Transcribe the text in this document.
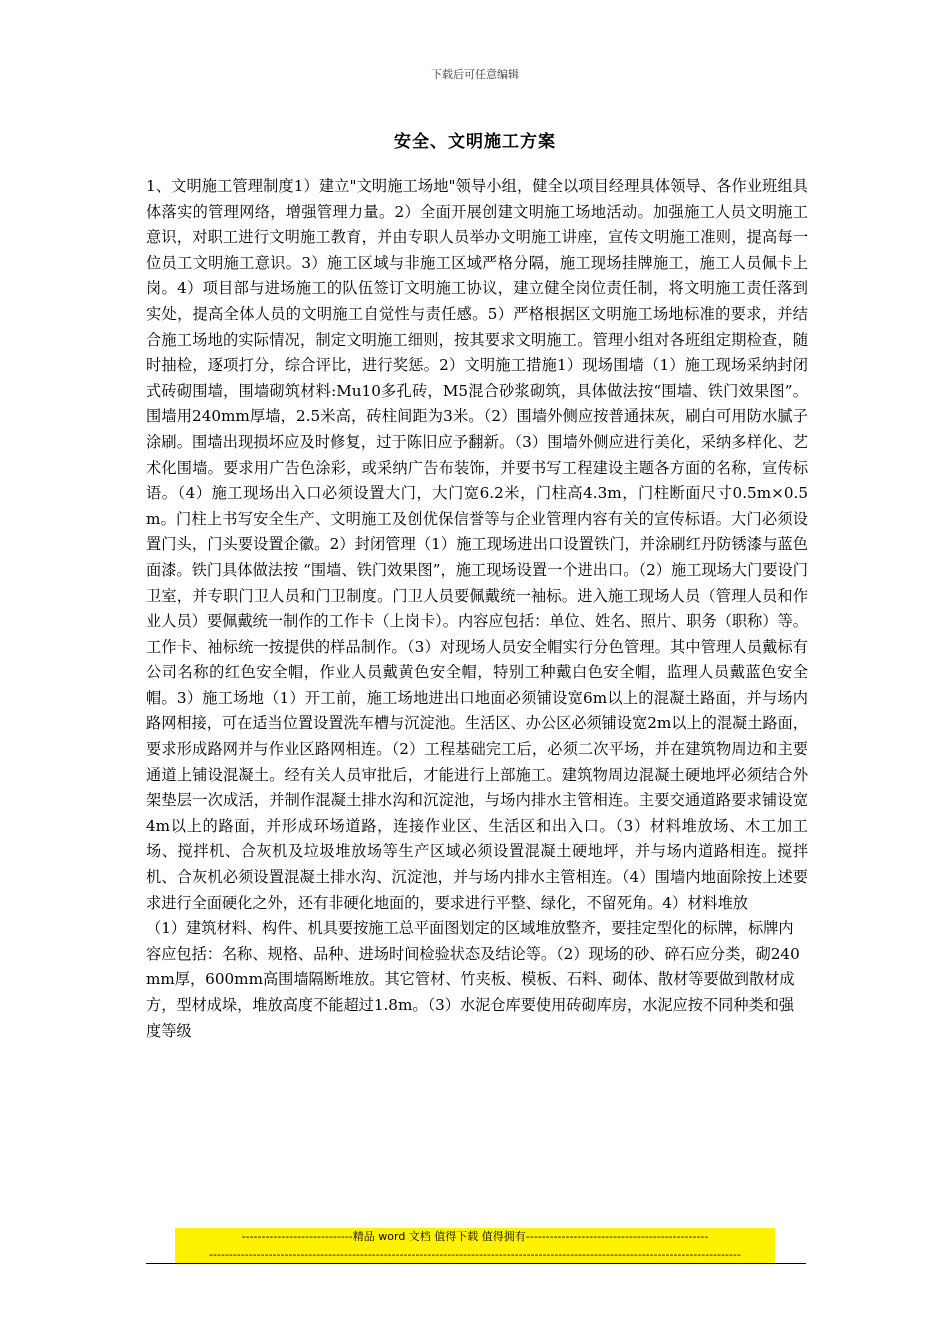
下载后可任意编辑
安全、文明施工方案

1、文明施工管理制度1）建立"文明施工场地"领导小组，健全以项目经理具体领导、各作业班组具体落实的管理网络，增强管理力量。2）全面开展创建文明施工场地活动。加强施工人员文明施工意识，对职工进行文明施工教育，并由专职人员举办文明施工讲座，宣传文明施工准则，提高每一位员工文明施工意识。3）施工区域与非施工区域严格分隔，施工现场挂牌施工，施工人员佩卡上岗。4）项目部与进场施工的队伍签订文明施工协议，建立健全岗位责任制，将文明施工责任落到实处，提高全体人员的文明施工自觉性与责任感。5）严格根据区文明施工场地标准的要求，并结合施工场地的实际情况，制定文明施工细则，按其要求文明施工。管理小组对各班组定期检查，随时抽检，逐项打分，综合评比，进行奖惩。2）文明施工措施1）现场围墙（1）施工现场采纳封闭式砖砌围墙，围墙砌筑材料:Mu10多孔砖，M5混合砂浆砌筑，具体做法按“围墙、铁门效果图”。围墙用240mm厚墙，2.5米高，砖柱间距为3米。（2）围墙外侧应按普通抹灰，刷白可用防水腻子涂刷。围墙出现损坏应及时修复，过于陈旧应予翻新。（3）围墙外侧应进行美化，采纳多样化、艺术化围墙。要求用广告色涂彩，或采纳广告布装饰，并要书写工程建设主题各方面的名称，宣传标语。（4）施工现场出入口必须设置大门，大门宽6.2米，门柱高4.3m，门柱断面尺寸0.5m×0.5m。门柱上书写安全生产、文明施工及创优保信誉等与企业管理内容有关的宣传标语。大门必须设置门头，门头要设置企徽。2）封闭管理（1）施工现场进出口设置铁门，并涂刷红丹防锈漆与蓝色面漆。铁门具体做法按 “围墙、铁门效果图”，施工现场设置一个进出口。（2）施工现场大门要设门卫室，并专职门卫人员和门卫制度。门卫人员要佩戴统一袖标。进入施工现场人员（管理人员和作业人员）要佩戴统一制作的工作卡（上岗卡）。内容应包括：单位、姓名、照片、职务（职称）等。工作卡、袖标统一按提供的样品制作。（3）对现场人员安全帽实行分色管理。其中管理人员戴标有公司名称的红色安全帽，作业人员戴黄色安全帽，特别工种戴白色安全帽，监理人员戴蓝色安全帽。3）施工场地（1）开工前，施工场地进出口地面必须铺设宽6m以上的混凝土路面，并与场内路网相接，可在适当位置设置洗车槽与沉淀池。生活区、办公区必须铺设宽2m以上的混凝土路面，要求形成路网并与作业区路网相连。（2）工程基础完工后，必须二次平场，并在建筑物周边和主要通道上铺设混凝土。经有关人员审批后，才能进行上部施工。建筑物周边混凝土硬地坪必须结合外架垫层一次成活，并制作混凝土排水沟和沉淀池，与场内排水主管相连。主要交通道路要求铺设宽4m以上的路面，并形成环场道路，连接作业区、生活区和出入口。（3）材料堆放场、木工加工场、搅拌机、合灰机及垃圾堆放场等生产区域必须设置混凝土硬地坪，并与场内道路相连。搅拌机、合灰机必须设置混凝土排水沟、沉淀池，并与场内排水主管相连。（4）围墙内地面除按上述要求进行全面硬化之外，还有非硬化地面的，要求进行平整、绿化，不留死角。4）材料堆放

（1）建筑材料、构件、机具要按施工总平面图划定的区域堆放整齐，要挂定型化的标牌，标牌内容应包括：名称、规格、品种、进场时间检验状态及结论等。（2）现场的砂、碎石应分类，砌240mm厚，600mm高围墙隔断堆放。其它管材、竹夹板、模板、石料、砌体、散材等要做到散材成方，型材成垛，堆放高度不能超过1.8m。（3）水泥仓库要使用砖砌库房，水泥应按不同种类和强度等级

----------------------------精品 word 文档 值得下载 值得拥有----------------------------------------------
--------------------------------------------------------------------------------------------------------------------------------------
